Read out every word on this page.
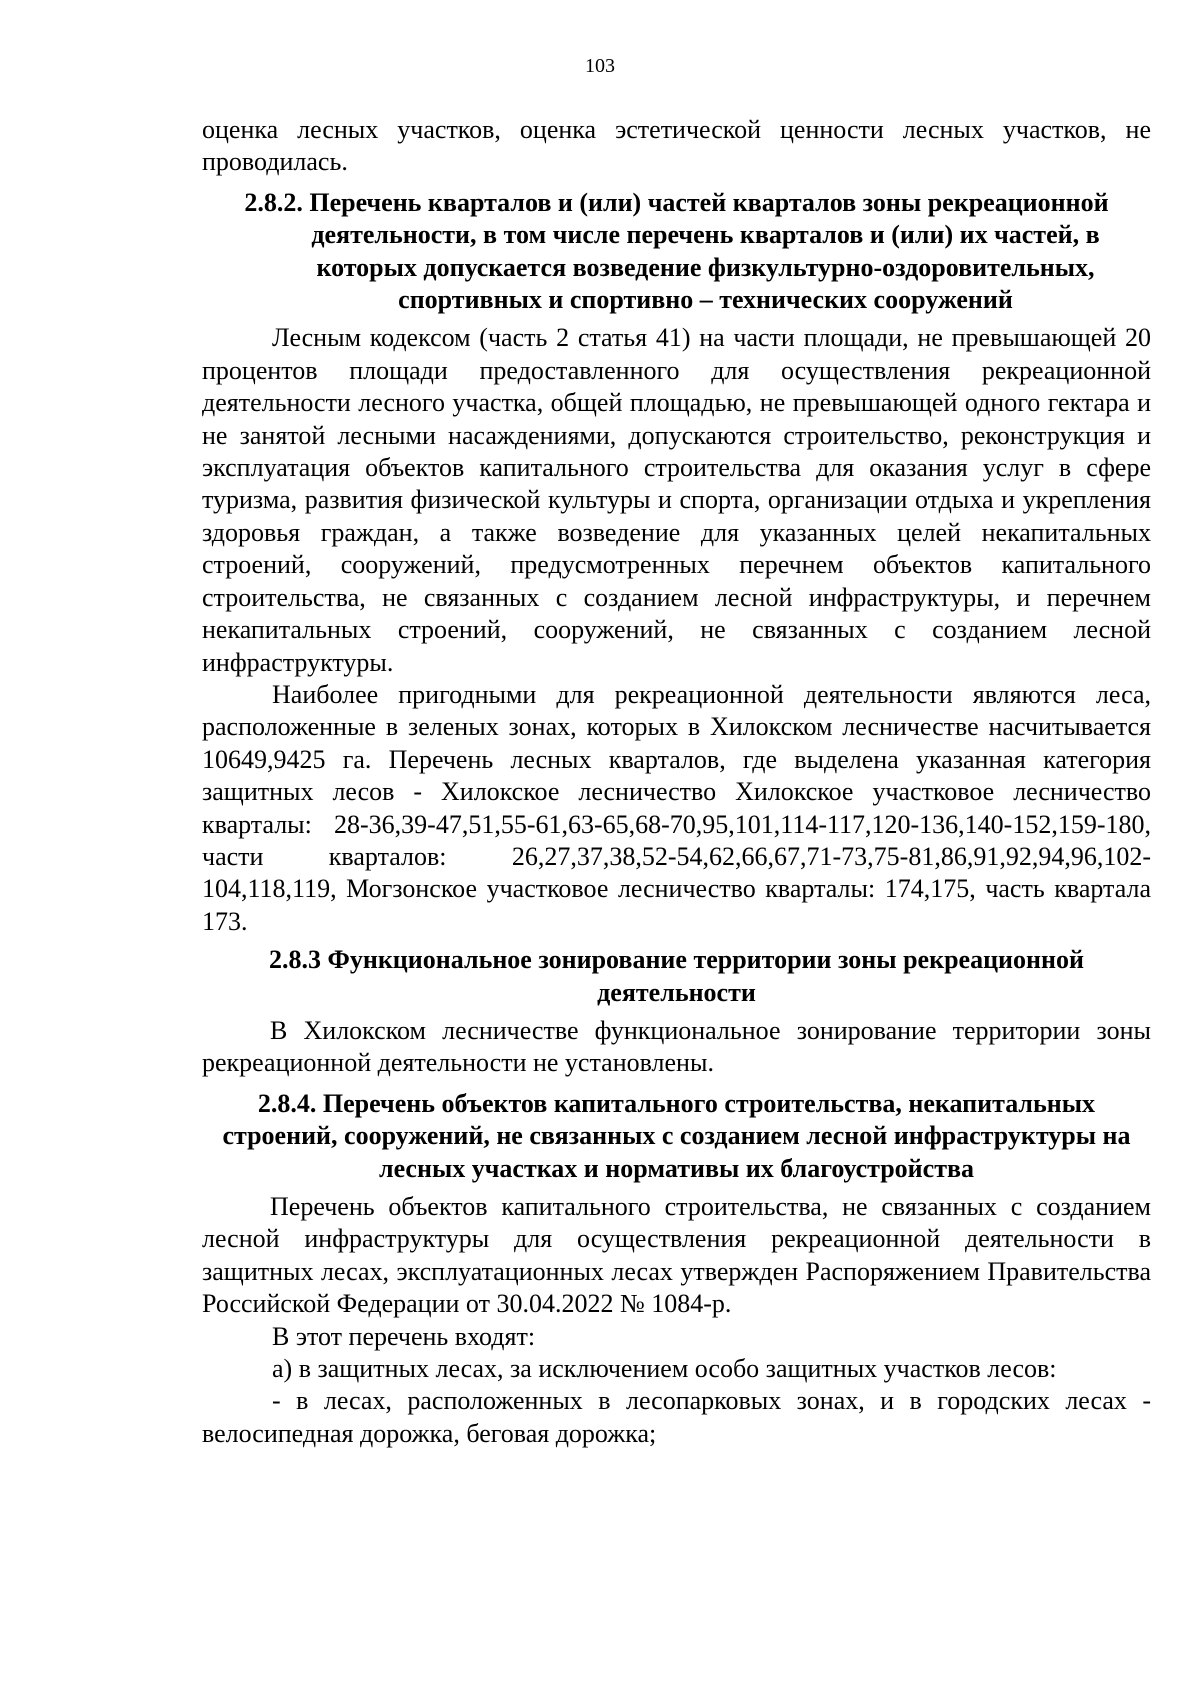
103

оценка лесных участков, оценка эстетической ценности лесных участков, не проводилась.

2.8.2. Перечень кварталов и (или) частей кварталов зоны рекреационной деятельности, в том числе перечень кварталов и (или) их частей, в которых допускается возведение физкультурно-оздоровительных, спортивных и спортивно – технических сооружений

Лесным кодексом (часть 2 статья 41) на части площади, не превышающей 20 процентов площади предоставленного для осуществления рекреационной деятельности лесного участка, общей площадью, не превышающей одного гектара и не занятой лесными насаждениями, допускаются строительство, реконструкция и эксплуатация объектов капитального строительства для оказания услуг в сфере туризма, развития физической культуры и спорта, организации отдыха и укрепления здоровья граждан, а также возведение для указанных целей некапитальных строений, сооружений, предусмотренных перечнем объектов капитального строительства, не связанных с созданием лесной инфраструктуры, и перечнем некапитальных строений, сооружений, не связанных с созданием лесной инфраструктуры.

Наиболее пригодными для рекреационной деятельности являются леса, расположенные в зеленых зонах, которых в Хилокском лесничестве насчитывается 10649,9425 га. Перечень лесных кварталов, где выделена указанная категория защитных лесов - Хилокское лесничество Хилокское участковое лесничество кварталы: 28-36,39-47,51,55-61,63-65,68-70,95,101,114-117,120-136,140-152,159-180, части кварталов: 26,27,37,38,52-54,62,66,67,71-73,75-81,86,91,92,94,96,102-104,118,119, Могзонское участковое лесничество кварталы: 174,175, часть квартала 173.

2.8.3 Функциональное зонирование территории зоны рекреационной деятельности

В Хилокском лесничестве функциональное зонирование территории зоны рекреационной деятельности не установлены.

2.8.4. Перечень объектов капитального строительства, некапитальных строений, сооружений, не связанных с созданием лесной инфраструктуры на лесных участках и нормативы их благоустройства

Перечень объектов капитального строительства, не связанных с созданием лесной инфраструктуры для осуществления рекреационной деятельности в защитных лесах, эксплуатационных лесах утвержден Распоряжением Правительства Российской Федерации от 30.04.2022 № 1084-р.

В этот перечень входят:

а) в защитных лесах, за исключением особо защитных участков лесов:

- в лесах, расположенных в лесопарковых зонах, и в городских лесах - велосипедная дорожка, беговая дорожка;
